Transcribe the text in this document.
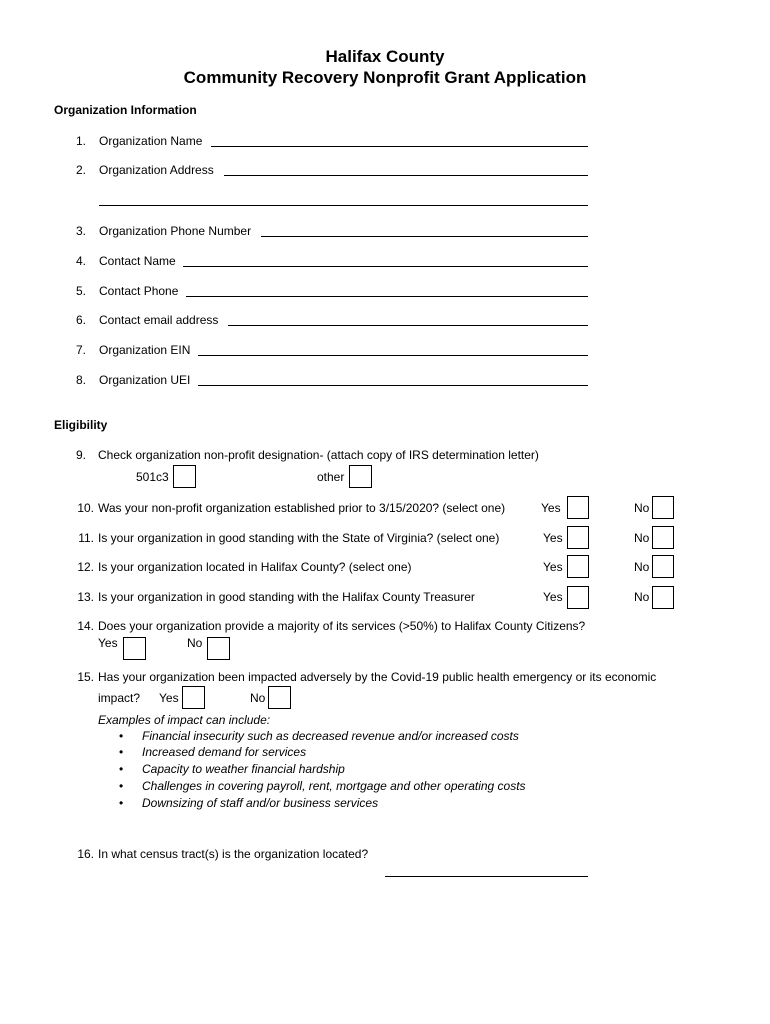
Halifax County
Community Recovery Nonprofit Grant Application
Organization Information
1. Organization Name
2. Organization Address
3. Organization Phone Number
4. Contact Name
5. Contact Phone
6. Contact email address
7. Organization EIN
8. Organization UEI
Eligibility
9. Check organization non-profit designation- (attach copy of IRS determination letter)
501c3	other
10. Was your non-profit organization established prior to 3/15/2020? (select one)	Yes	No
11. Is your organization in good standing with the State of Virginia? (select one)	Yes	No
12. Is your organization located in Halifax County? (select one)	Yes	No
13. Is your organization in good standing with the Halifax County Treasurer	Yes	No
14. Does your organization provide a majority of its services (>50%) to Halifax County Citizens?
Yes	No
15. Has your organization been impacted adversely by the Covid-19 public health emergency or its economic
impact? Yes	No
Examples of impact can include:
• Financial insecurity such as decreased revenue and/or increased costs
• Increased demand for services
• Capacity to weather financial hardship
• Challenges in covering payroll, rent, mortgage and other operating costs
• Downsizing of staff and/or business services
16. In what census tract(s) is the organization located?
